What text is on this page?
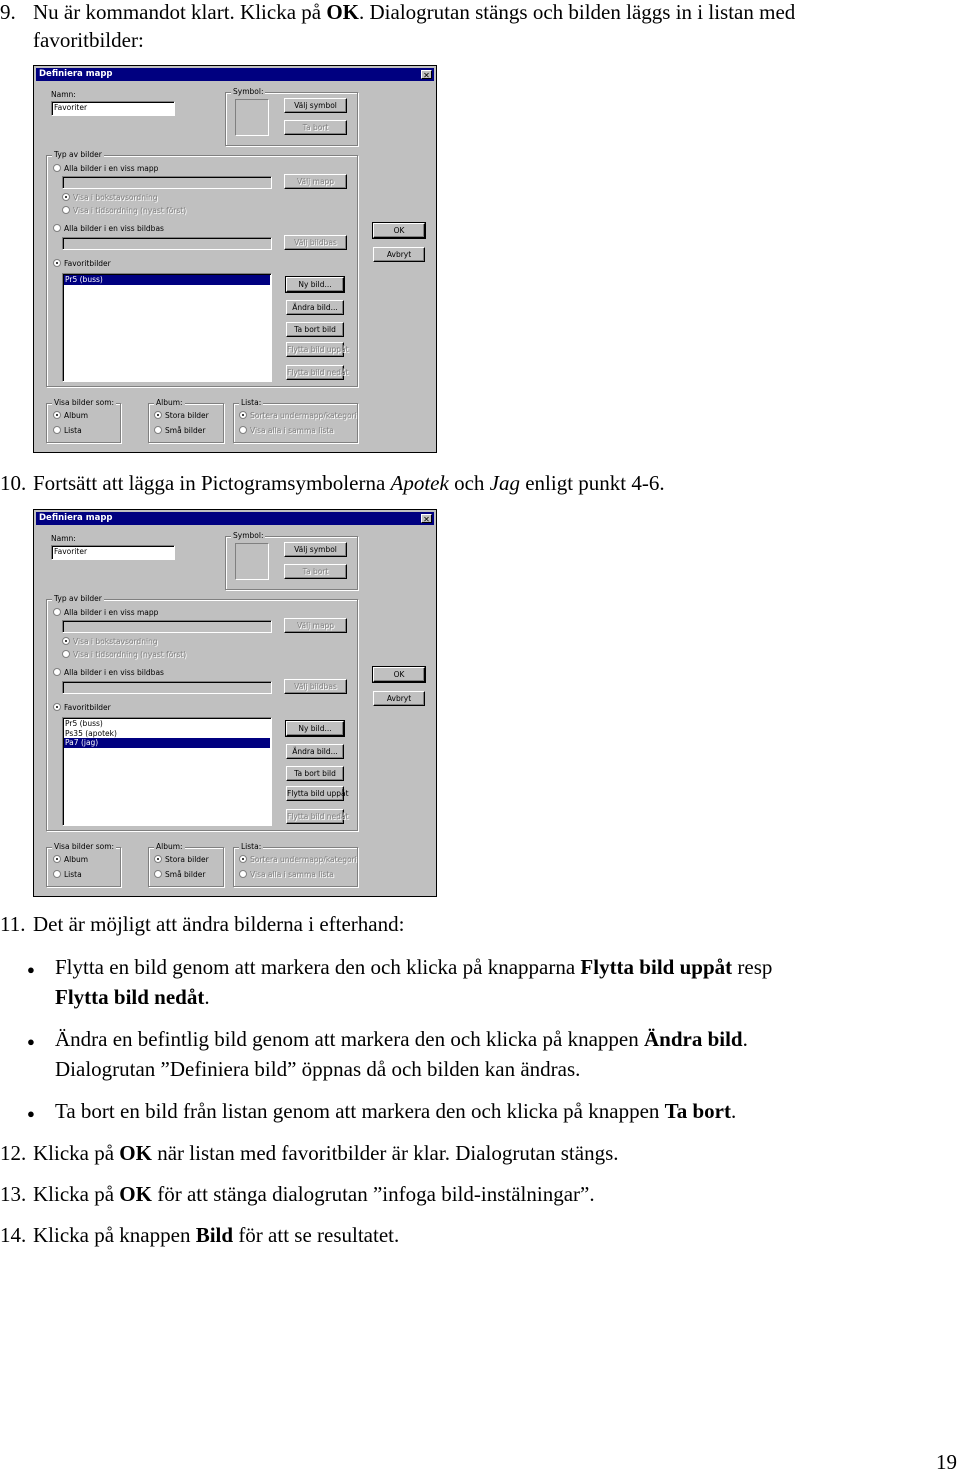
9. Nu är kommandot klart. Klicka på OK. Dialogrutan stängs och bilden läggs in i listan med

favoritbilder:

Definiera mapp	✕
Namn:
Favoriter
Symbol:
Välj symbol
Ta bort
Typ av bilder
Alla bilder i en viss mapp
Välj mapp
Visa i bokstavsordning
Visa i tidsordning (nyast först)
Alla bilder i en viss bildbas
Välj bildbas
Favoritbilder
Pr5 (buss)
Ny bild...
Ändra bild...
Ta bort bild
Flytta bild uppåt
Flytta bild nedåt
OK
Avbryt
Visa bilder som:
Album
Lista
Album:
Stora bilder
Små bilder
Lista:
Sortera undermapp/kategori
Visa alla i samma lista

10. Fortsätt att lägga in Pictogramsymbolerna Apotek och Jag enligt punkt 4-6.

Definiera mapp	✕
Namn:
Favoriter
Symbol:
Välj symbol
Ta bort
Typ av bilder
Alla bilder i en viss mapp
Välj mapp
Visa i bokstavsordning
Visa i tidsordning (nyast först)
Alla bilder i en viss bildbas
Välj bildbas
Favoritbilder
Pr5 (buss)
Ps35 (apotek)
Pa7 (jag)
Ny bild...
Ändra bild...
Ta bort bild
Flytta bild uppåt
Flytta bild nedåt
OK
Avbryt
Visa bilder som:
Album
Lista
Album:
Stora bilder
Små bilder
Lista:
Sortera undermapp/kategori
Visa alla i samma lista

11. Det är möjligt att ändra bilderna i efterhand:

● Flytta en bild genom att markera den och klicka på knapparna Flytta bild uppåt resp

Flytta bild nedåt.

● Ändra en befintlig bild genom att markera den och klicka på knappen Ändra bild.

Dialogrutan ”Definiera bild” öppnas då och bilden kan ändras.

● Ta bort en bild från listan genom att markera den och klicka på knappen Ta bort.

12. Klicka på OK när listan med favoritbilder är klar. Dialogrutan stängs.

13. Klicka på OK för att stänga dialogrutan ”infoga bild-instälningar”.

14. Klicka på knappen Bild för att se resultatet.

19
